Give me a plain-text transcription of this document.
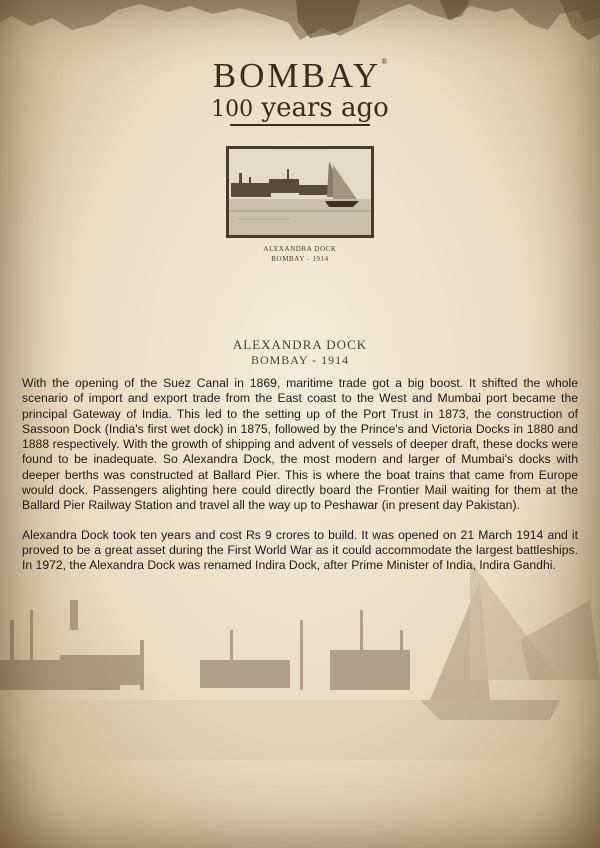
BOMBAY®
100 years ago
ALEXANDRA DOCK
BOMBAY - 1914
ALEXANDRA DOCK
BOMBAY - 1914

With the opening of the Suez Canal in 1869, maritime trade got a big boost. It shifted the whole scenario of import and export trade from the East coast to the West and Mumbai port became the principal Gateway of India. This led to the setting up of the Port Trust in 1873, the construction of Sassoon Dock (India's first wet dock) in 1875, followed by the Prince's and Victoria Docks in 1880 and 1888 respectively. With the growth of shipping and advent of vessels of deeper draft, these docks were found to be inadequate. So Alexandra Dock, the most modern and larger of Mumbai's docks with deeper berths was constructed at Ballard Pier. This is where the boat trains that came from Europe would dock. Passengers alighting here could directly board the Frontier Mail waiting for them at the Ballard Pier Railway Station and travel all the way up to Peshawar (in present day Pakistan).

Alexandra Dock took ten years and cost Rs 9 crores to build. It was opened on 21 March 1914 and it proved to be a great asset during the First World War as it could accommodate the largest battleships. In 1972, the Alexandra Dock was renamed Indira Dock, after Prime Minister of India, Indira Gandhi.
